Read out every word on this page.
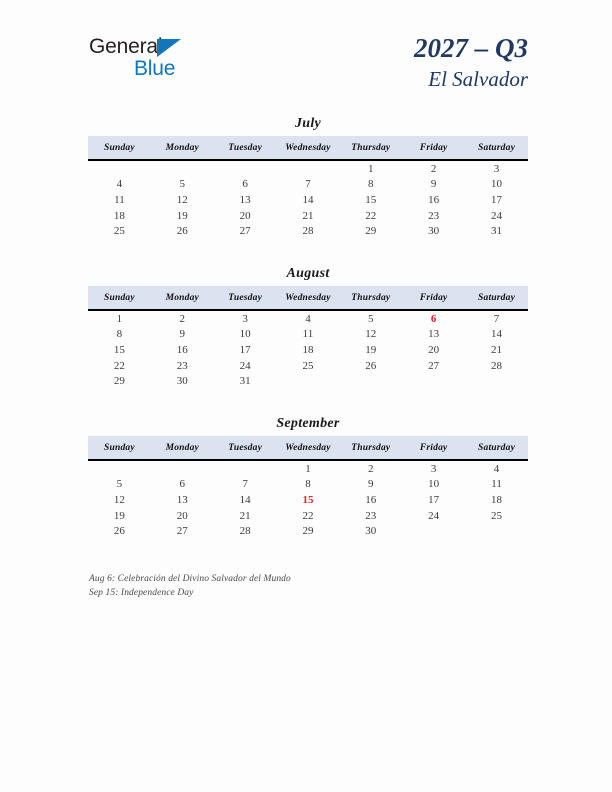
General
Blue
2027 – Q3
El Salvador
July
Sunday	Monday	Tuesday	Wednesday	Thursday	Friday	Saturday
				1	2	3
4	5	6	7	8	9	10
11	12	13	14	15	16	17
18	19	20	21	22	23	24
25	26	27	28	29	30	31
August
Sunday	Monday	Tuesday	Wednesday	Thursday	Friday	Saturday
1	2	3	4	5	6	7
8	9	10	11	12	13	14
15	16	17	18	19	20	21
22	23	24	25	26	27	28
29	30	31				
September
Sunday	Monday	Tuesday	Wednesday	Thursday	Friday	Saturday
			1	2	3	4
5	6	7	8	9	10	11
12	13	14	15	16	17	18
19	20	21	22	23	24	25
26	27	28	29	30		
Aug 6: Celebración del Divino Salvador del Mundo
Sep 15: Independence Day
